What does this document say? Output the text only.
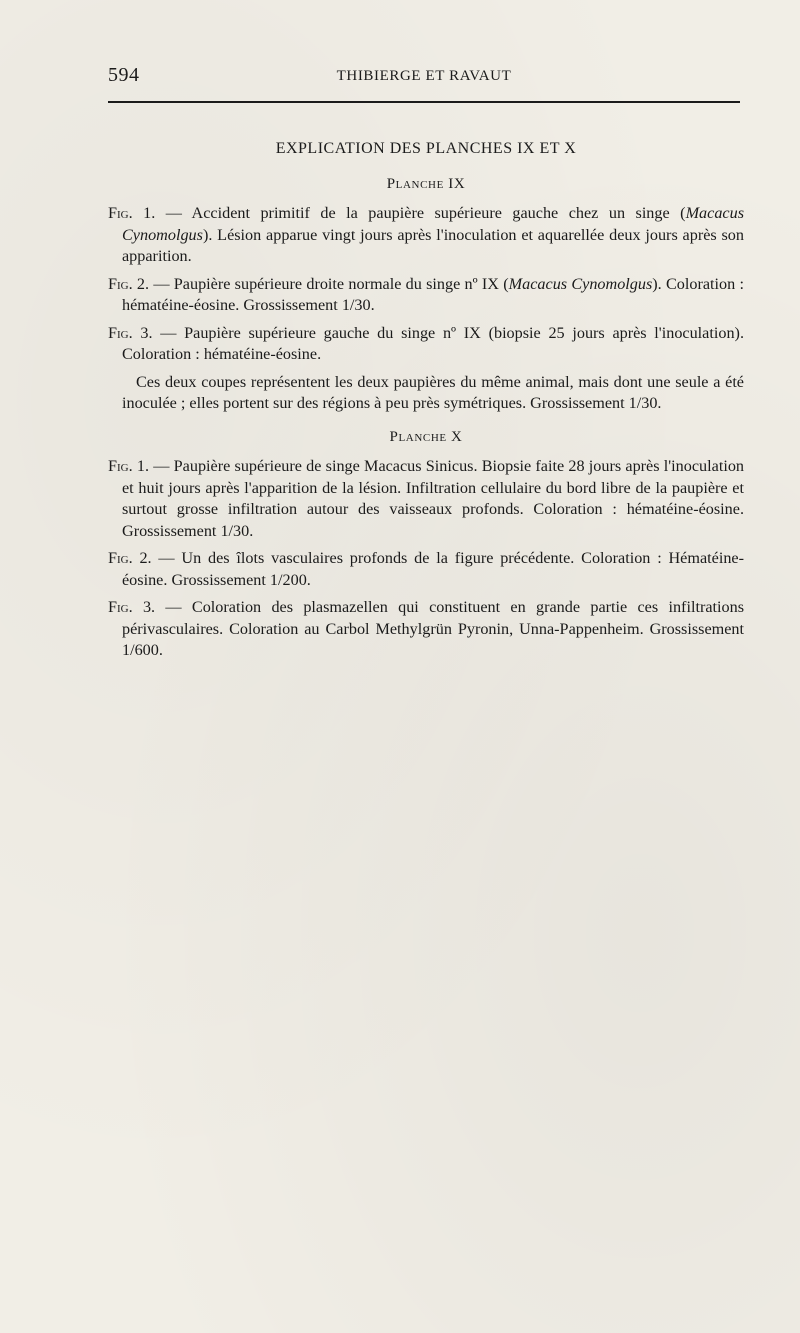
594	THIBIERGE ET RAVAUT
EXPLICATION DES PLANCHES IX ET X
Planche IX

Fig. 1. — Accident primitif de la paupière supérieure gauche chez un singe (Macacus Cynomolgus). Lésion apparue vingt jours après l'inoculation et aquarellée deux jours après son apparition.

Fig. 2. — Paupière supérieure droite normale du singe nº IX (Macacus Cynomolgus). Coloration : hématéine-éosine. Grossissement 1/30.

Fig. 3. — Paupière supérieure gauche du singe nº IX (biopsie 25 jours après l'inoculation). Coloration : hématéine-éosine.

Ces deux coupes représentent les deux paupières du même animal, mais dont une seule a été inoculée ; elles portent sur des régions à peu près symétriques. Grossissement 1/30.

Planche X

Fig. 1. — Paupière supérieure de singe Macacus Sinicus. Biopsie faite 28 jours après l'inoculation et huit jours après l'apparition de la lésion. Infiltration cellulaire du bord libre de la paupière et surtout grosse infiltration autour des vaisseaux profonds. Coloration : hématéine-éosine. Grossissement 1/30.

Fig. 2. — Un des îlots vasculaires profonds de la figure précédente. Coloration : Hématéine-éosine. Grossissement 1/200.

Fig. 3. — Coloration des plasmazellen qui constituent en grande partie ces infiltrations périvasculaires. Coloration au Carbol Methylgrün Pyronin, Unna-Pappenheim. Grossissement 1/600.
